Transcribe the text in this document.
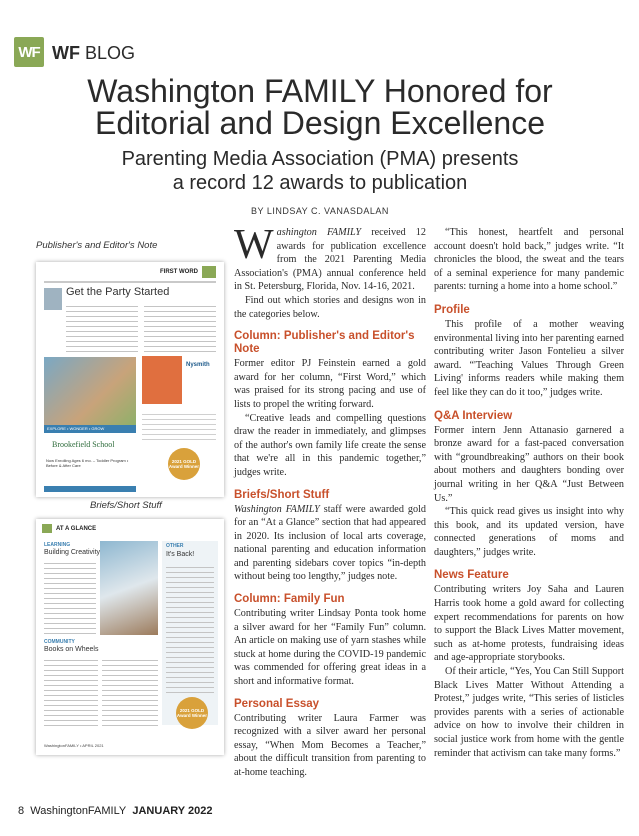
WF WF BLOG
Washington FAMILY Honored for
Editorial and Design Excellence
Parenting Media Association (PMA) presents
a record 12 awards to publication
Publisher's and Editor's Note
BY LINDSAY C. VANASDALAN
FIRST WORD
Get the Party Started
EXPLORE • WONDER • GROW
Brookefield School
Now Enrolling Ages 6 mo. – Toddler Program • Before & After Care
Nysmith
2021 GOLD Award Winner
Briefs/Short Stuff
AT A GLANCE
LEARNING
Building Creativity
OTHER
It's Back!
COMMUNITY
Books on Wheels
2021 GOLD Award Winner
WashingtonFAMILY • APRIL 2021

Washington FAMILY received 12 awards for publication excellence from the 2021 Parenting Media Association's (PMA) annual conference held in St. Petersburg, Florida, Nov. 14-16, 2021.

Find out which stories and designs won in the categories below.

Column: Publisher's and Editor's Note

Former editor PJ Feinstein earned a gold award for her column, “First Word,” which was praised for its strong pacing and use of lists to propel the writing forward.

“Creative leads and compelling questions draw the reader in immediately, and glimpses of the author's own family life create the sense that we're all in this pandemic together,” judges write.

Briefs/Short Stuff

Washington FAMILY staff were awarded gold for an “At a Glance” section that had appeared in 2020. Its inclusion of local arts coverage, national parenting and education information and parenting sidebars cover topics “in-depth without being too lengthy,” judges note.

Column: Family Fun

Contributing writer Lindsay Ponta took home a silver award for her “Family Fun” column. An article on making use of yarn stashes while stuck at home during the COVID-19 pandemic was commended for offering great ideas in a short and informative format.

Personal Essay

Contributing writer Laura Farmer was recognized with a silver award her personal essay, “When Mom Becomes a Teacher,” about the difficult transition from parenting to at-home teaching.

“This honest, heartfelt and personal account doesn't hold back,” judges write. “It chronicles the blood, the sweat and the tears of a seminal experience for many pandemic parents: turning a home into a home school.”

Profile

This profile of a mother weaving environmental living into her parenting earned contributing writer Jason Fontelieu a silver award. “'Teaching Values Through Green Living' informs readers while making them feel like they can do it too,” judges write.

Q&A Interview

Former intern Jenn Attanasio garnered a bronze award for a fast-paced conversation with “groundbreaking” authors on their book about mothers and daughters bonding over journal writing in her Q&A “Just Between Us.”

“This quick read gives us insight into why this book, and its updated version, have connected generations of moms and daughters,” judges write.

News Feature

Contributing writers Joy Saha and Lauren Harris took home a gold award for collecting expert recommendations for parents on how to support the Black Lives Matter movement, such as at-home protests, fundraising ideas and age-appropriate storybooks.

Of their article, “Yes, You Can Still Support Black Lives Matter Without Attending a Protest,” judges write, “This series of listicles provides parents with a series of actionable advice on how to involve their children in social justice work from home with the gentle reminder that activism can take many forms.”

8 WashingtonFAMILY JANUARY 2022
